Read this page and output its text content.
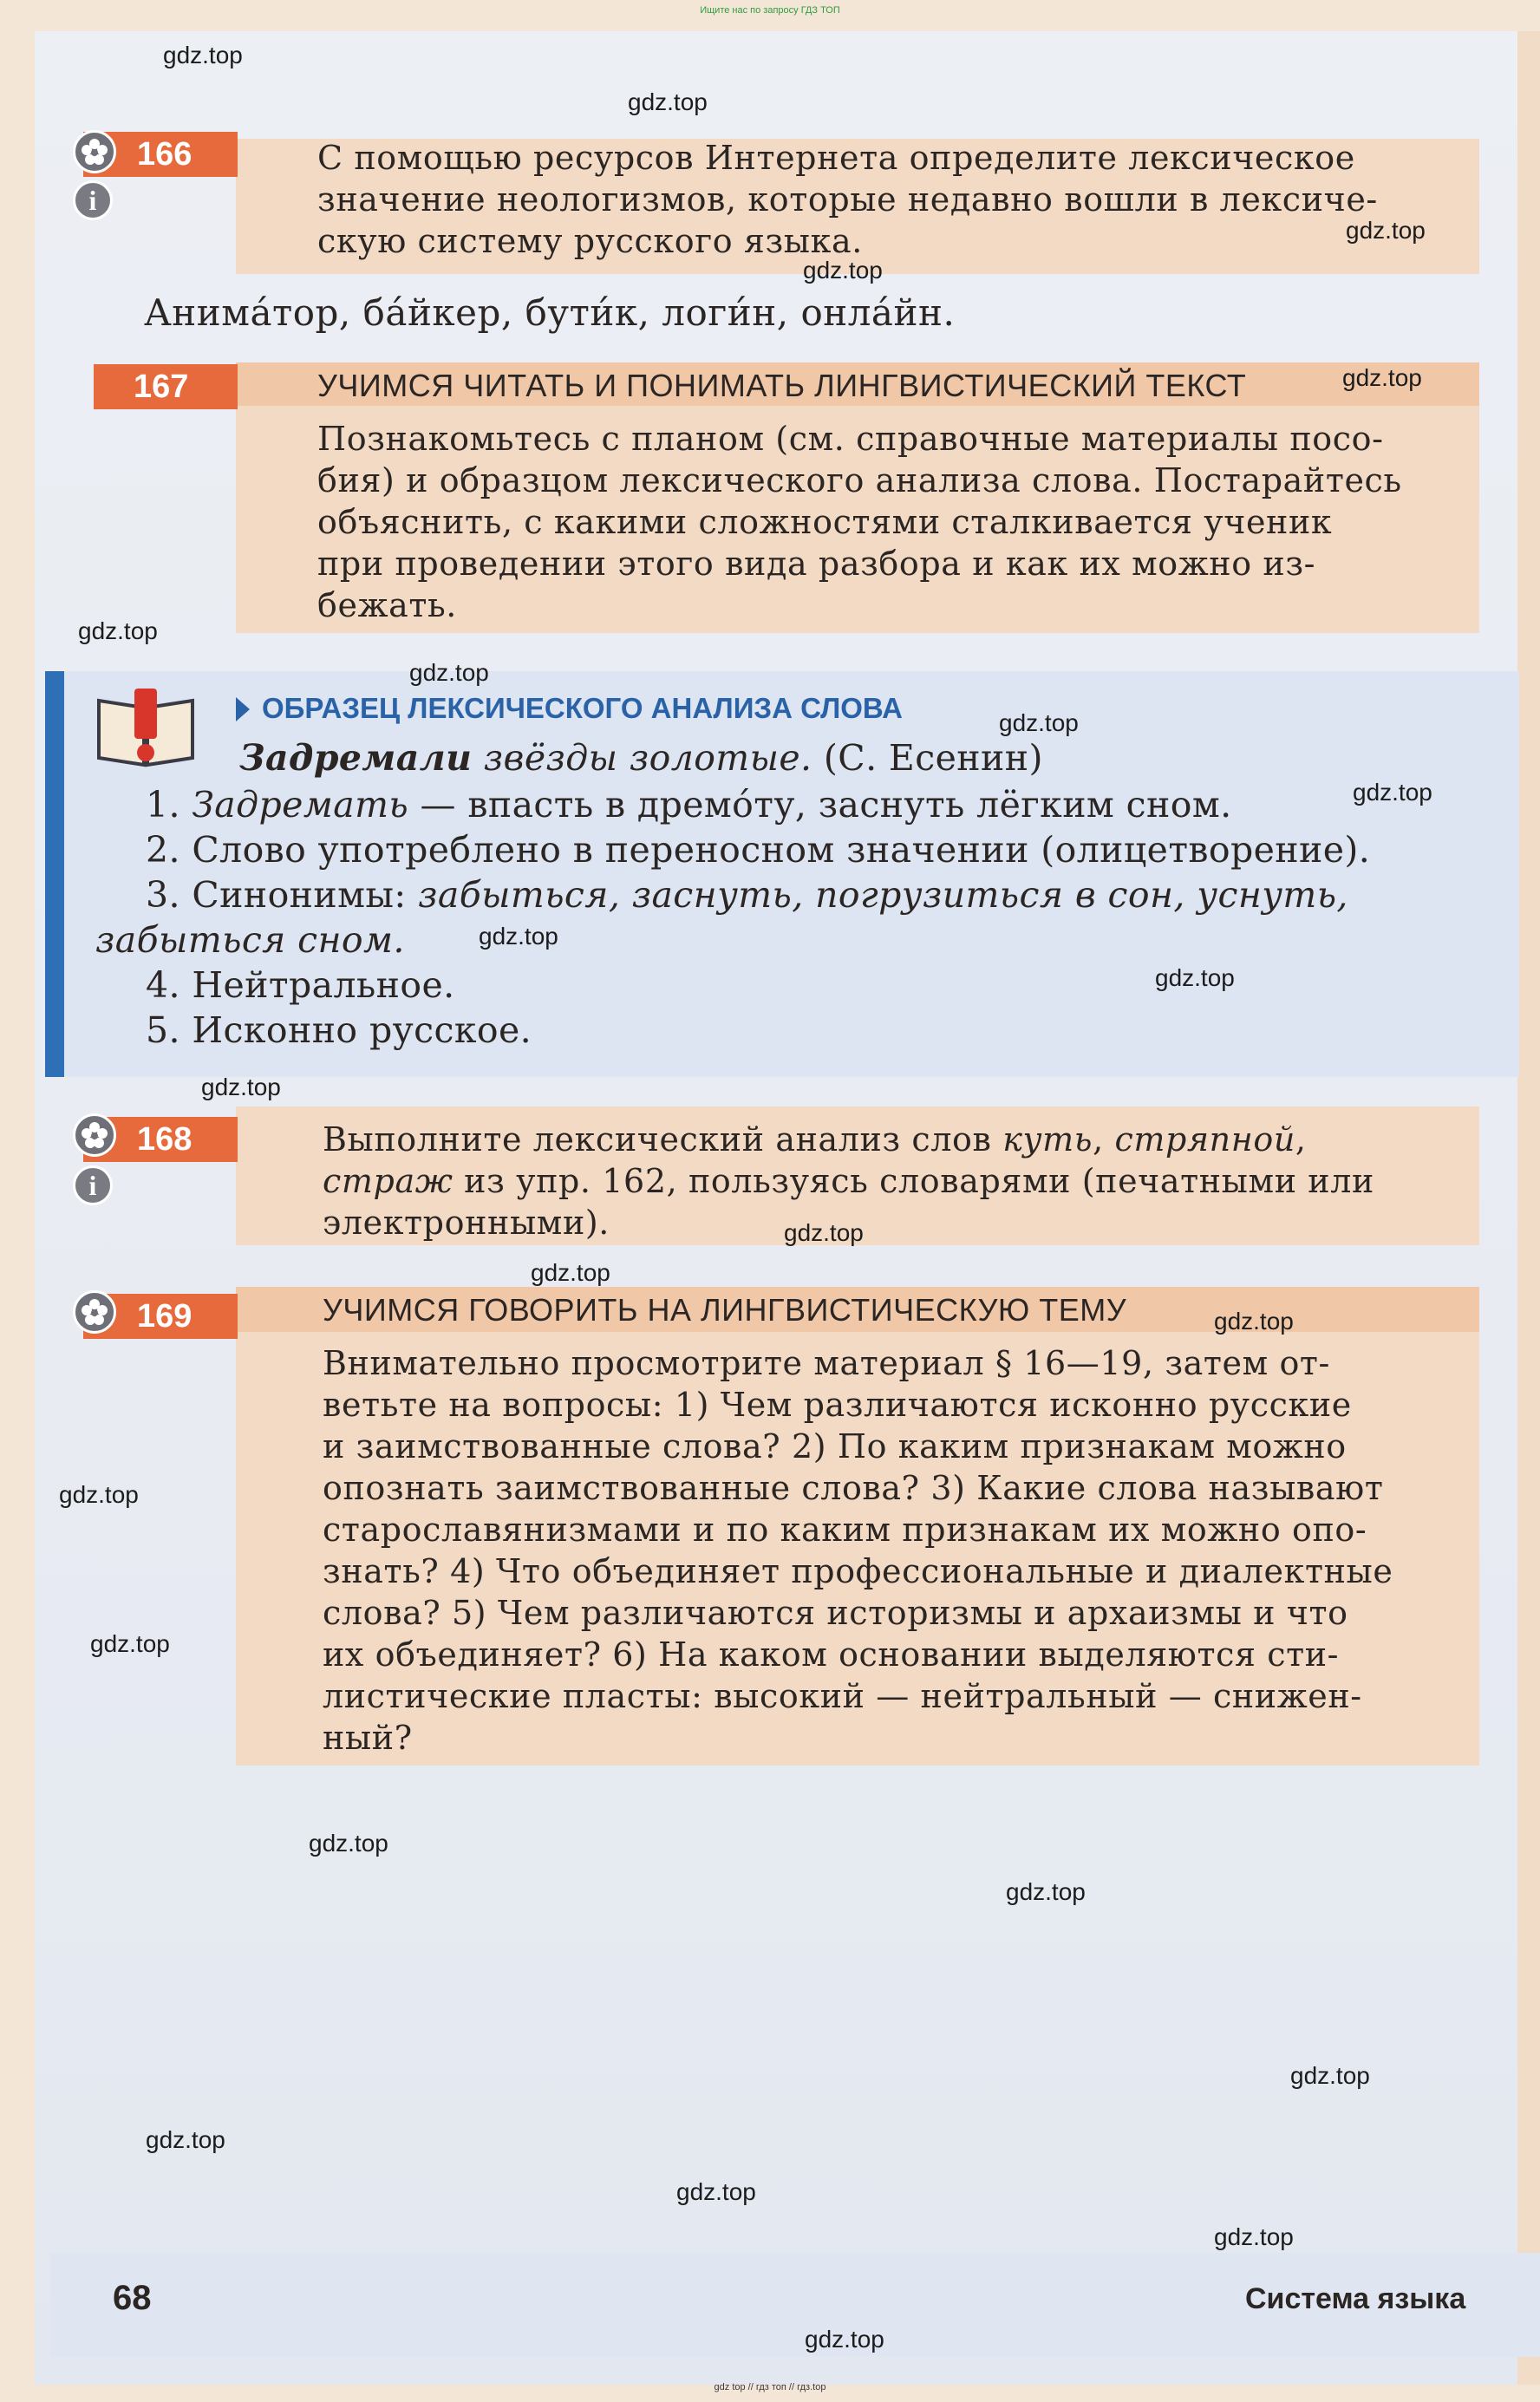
Ищите нас по запросу ГДЗ ТОП
166
i
С помощью ресурсов Интернета определите лексическое
значение неологизмов, которые недавно вошли в лексиче-
скую систему русского языка.
Анимáтор, бáйкер, бути́к, логи́н, онлáйн.
167	УЧИМСЯ ЧИТАТЬ И ПОНИМАТЬ ЛИНГВИСТИЧЕСКИЙ ТЕКСТ
Познакомьтесь с планом (см. справочные материалы посо-
бия) и образцом лексического анализа слова. Постарайтесь
объяснить, с какими сложностями сталкивается ученик
при проведении этого вида разбора и как их можно из-
бежать.
ОБРАЗЕЦ ЛЕКСИЧЕСКОГО АНАЛИЗА СЛОВА
Задремали звёзды золотые. (С. Есенин)
1. Задремать — впасть в дремóту, заснуть лёгким сном.
2. Слово употреблено в переносном значении (олицетворение).
3. Синонимы: забыться, заснуть, погрузиться в сон, уснуть,
забыться сном.
4. Нейтральное.
5. Исконно русское.
168
i
Выполните лексический анализ слов куть, стряпной,
страж из упр. 162, пользуясь словарями (печатными или
электронными).
169	УЧИМСЯ ГОВОРИТЬ НА ЛИНГВИСТИЧЕСКУЮ ТЕМУ
Внимательно просмотрите материал § 16—19, затем от-
ветьте на вопросы: 1) Чем различаются исконно русские
и заимствованные слова? 2) По каким признакам можно
опознать заимствованные слова? 3) Какие слова называют
старославянизмами и по каким признакам их можно опо-
знать? 4) Что объединяет профессиональные и диалектные
слова? 5) Чем различаются историзмы и архаизмы и что
их объединяет? 6) На каком основании выделяются сти-
листические пласты: высокий — нейтральный — снижен-
ный?
68	Система языка
gdz.top
gdz.top
gdz.top
gdz.top
gdz.top
gdz.top
gdz.top
gdz.top
gdz.top
gdz.top
gdz.top
gdz.top
gdz.top
gdz.top
gdz.top
gdz.top
gdz.top
gdz.top
gdz.top
gdz.top
gdz.top
gdz.top
gdz.top
gdz.top
gdz top // гдз топ // гдз.top
